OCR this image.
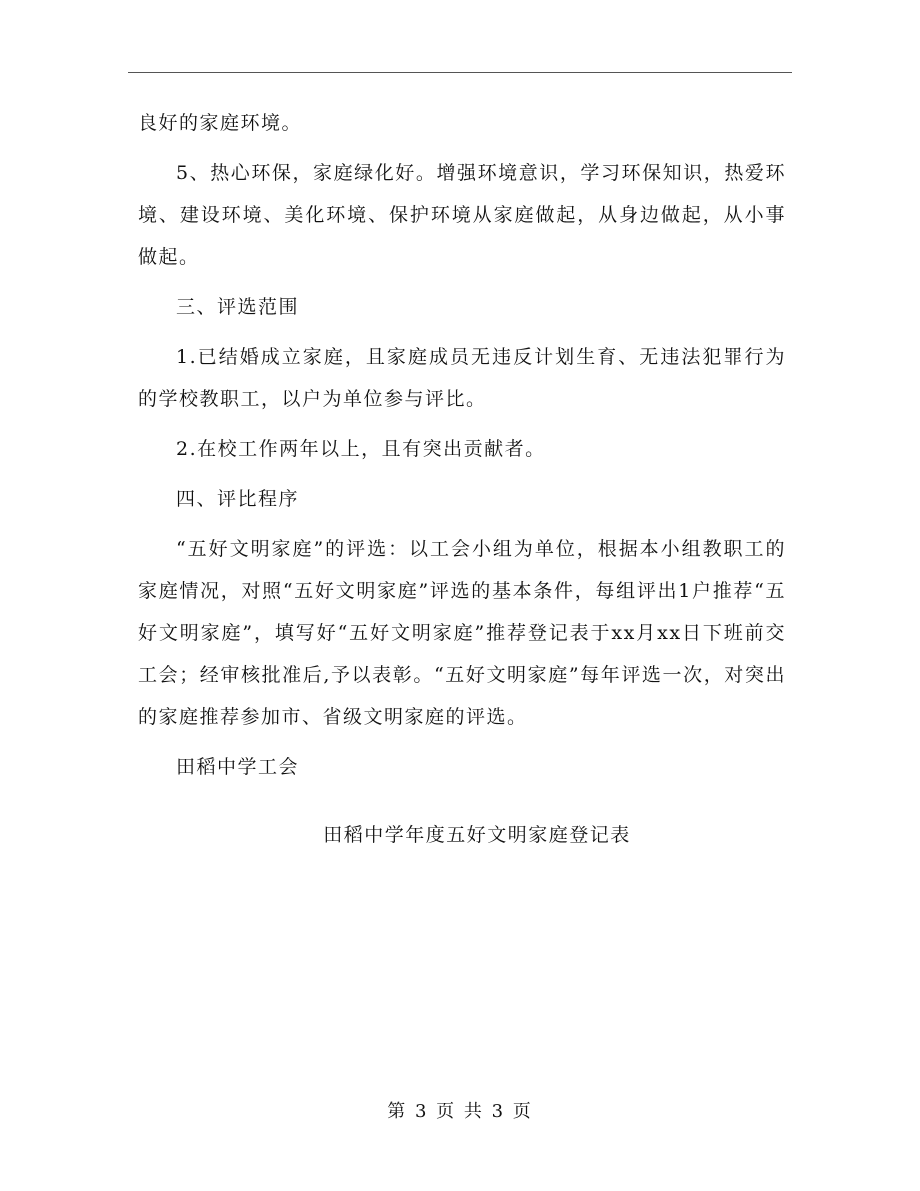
良好的家庭环境。

5、热心环保，家庭绿化好。增强环境意识，学习环保知识，热爱环境、建设环境、美化环境、保护环境从家庭做起，从身边做起，从小事做起。

三、评选范围

1.已结婚成立家庭，且家庭成员无违反计划生育、无违法犯罪行为的学校教职工，以户为单位参与评比。

2.在校工作两年以上，且有突出贡献者。

四、评比程序

“五好文明家庭”的评选：以工会小组为单位，根据本小组教职工的家庭情况，对照“五好文明家庭”评选的基本条件，每组评出1户推荐“五好文明家庭”，填写好“五好文明家庭”推荐登记表于xx月xx日下班前交工会；经审核批准后,予以表彰。“五好文明家庭”每年评选一次，对突出的家庭推荐参加市、省级文明家庭的评选。

田稻中学工会

田稻中学年度五好文明家庭登记表

第 3 页 共 3 页
